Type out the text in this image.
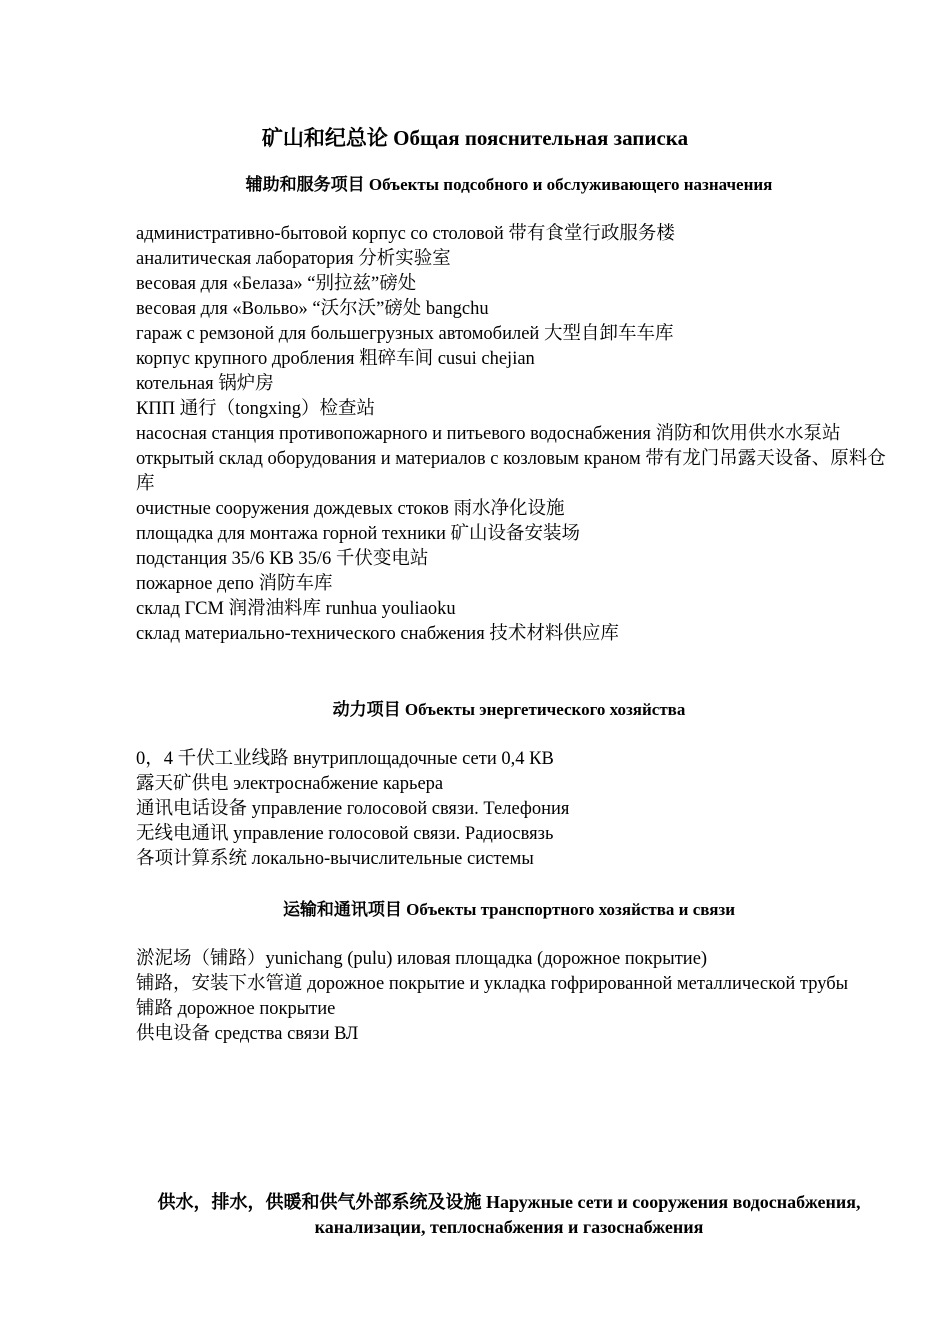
矿山和纪总论 Общая пояснительная записка
辅助和服务项目 Объекты подсобного и обслуживающего назначения
административно-бытовой корпус со столовой 带有食堂行政服务楼
аналитическая лаборатория 分析实验室
весовая для «Белаза» “别拉兹”磅处
весовая для «Вольво» “沃尔沃”磅处 bangchu
гараж с ремзоной для большегрузных автомобилей 大型自卸车车库
корпус крупного дробления 粗碎车间 cusui chejian
котельная 锅炉房
КПП 通行（tongxing）检查站
насосная станция противопожарного и питьевого водоснабжения 消防和饮用供水水泵站
открытый склад оборудования и материалов с козловым краном 带有龙门吊露天设备、原料仓库
очистные сооружения дождевых стоков 雨水净化设施
площадка для монтажа горной техники 矿山设备安装场
подстанция 35/6 КВ 35/6 千伏变电站
пожарное депо 消防车库
склад ГСМ 润滑油料库 runhua youliaoku
склад материально-технического снабжения 技术材料供应库
动力项目 Объекты энергетического хозяйства
0，4 千伏工业线路 внутриплощадочные сети 0,4 КВ
露天矿供电 электроснабжение карьера
通讯电话设备 управление голосовой связи. Телефония
无线电通讯 управление голосовой связи. Радиосвязь
各项计算系统 локально-вычислительные системы
运输和通讯项目 Объекты транспортного хозяйства и связи
淤泥场（铺路）yunichang (pulu) иловая площадка (дорожное покрытие)
铺路，安装下水管道 дорожное покрытие и укладка гофрированной металлической трубы
铺路 дорожное покрытие
供电设备 средства связи ВЛ
供水，排水，供暖和供气外部系统及设施 Наружные сети и сооружения водоснабжения, канализации, теплоснабжения и газоснабжения
